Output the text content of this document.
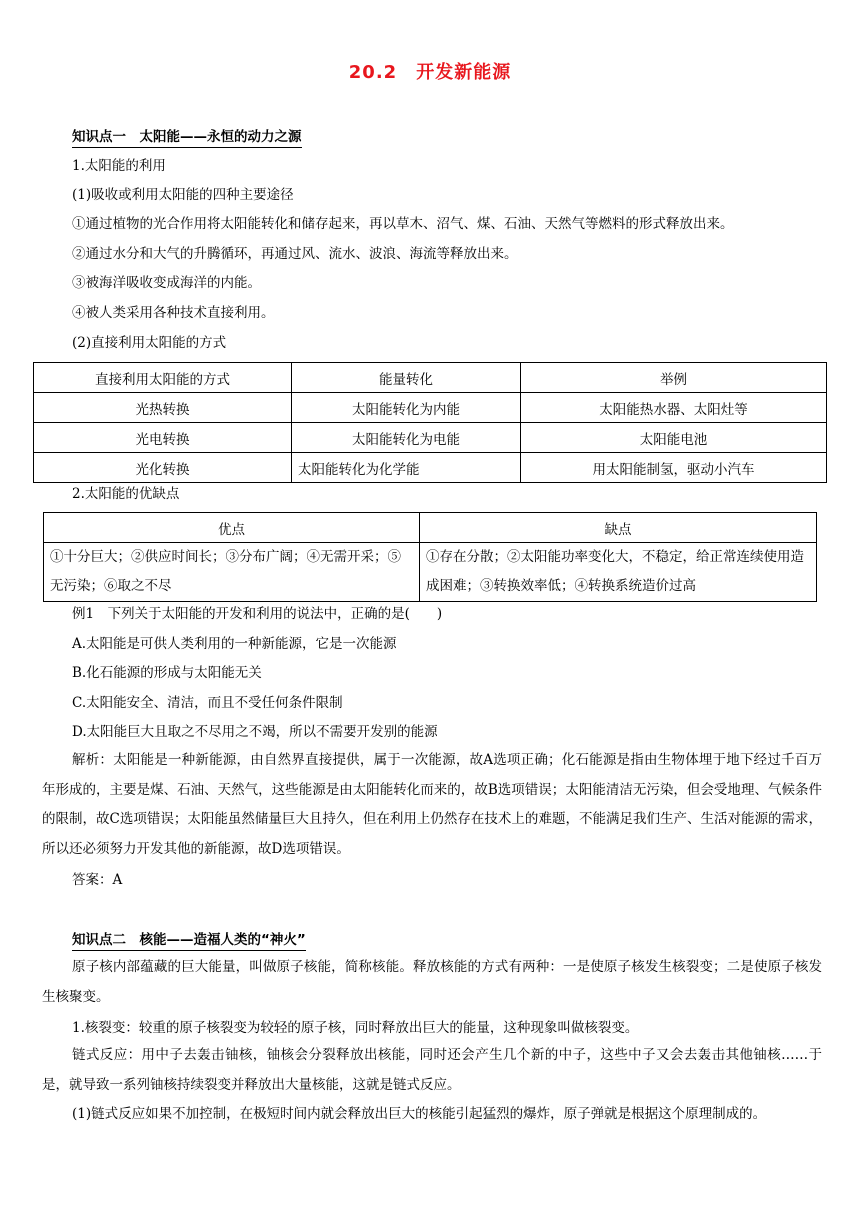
20.2　开发新能源
知识点一　太阳能——永恒的动力之源
1.太阳能的利用
(1)吸收或利用太阳能的四种主要途径
①通过植物的光合作用将太阳能转化和储存起来，再以草木、沼气、煤、石油、天然气等燃料的形式释放出来。
②通过水分和大气的升腾循环，再通过风、流水、波浪、海流等释放出来。
③被海洋吸收变成海洋的内能。
④被人类采用各种技术直接利用。
(2)直接利用太阳能的方式
直接利用太阳能的方式	能量转化	举例
光热转换	太阳能转化为内能	太阳能热水器、太阳灶等
光电转换	太阳能转化为电能	太阳能电池
光化转换	太阳能转化为化学能	用太阳能制氢，驱动小汽车
2.太阳能的优缺点
优点	缺点
①十分巨大；②供应时间长；③分布广阔；④无需开采；⑤无污染；⑥取之不尽	①存在分散；②太阳能功率变化大，不稳定，给正常连续使用造成困难；③转换效率低；④转换系统造价过高
例1　下列关于太阳能的开发和利用的说法中，正确的是(　　)
A.太阳能是可供人类利用的一种新能源，它是一次能源
B.化石能源的形成与太阳能无关
C.太阳能安全、清洁，而且不受任何条件限制
D.太阳能巨大且取之不尽用之不竭，所以不需要开发别的能源
解析：太阳能是一种新能源，由自然界直接提供，属于一次能源，故A选项正确；化石能源是指由生物体埋于地下经过千百万年形成的，主要是煤、石油、天然气，这些能源是由太阳能转化而来的，故B选项错误；太阳能清洁无污染，但会受地理、气候条件的限制，故C选项错误；太阳能虽然储量巨大且持久，但在利用上仍然存在技术上的难题，不能满足我们生产、生活对能源的需求，所以还必须努力开发其他的新能源，故D选项错误。
答案：A
知识点二　核能——造福人类的“神火”
原子核内部蕴藏的巨大能量，叫做原子核能，简称核能。释放核能的方式有两种：一是使原子核发生核裂变；二是使原子核发生核聚变。
1.核裂变：较重的原子核裂变为较轻的原子核，同时释放出巨大的能量，这种现象叫做核裂变。
链式反应：用中子去轰击铀核，铀核会分裂释放出核能，同时还会产生几个新的中子，这些中子又会去轰击其他铀核……于是，就导致一系列铀核持续裂变并释放出大量核能，这就是链式反应。
(1)链式反应如果不加控制，在极短时间内就会释放出巨大的核能引起猛烈的爆炸，原子弹就是根据这个原理制成的。
